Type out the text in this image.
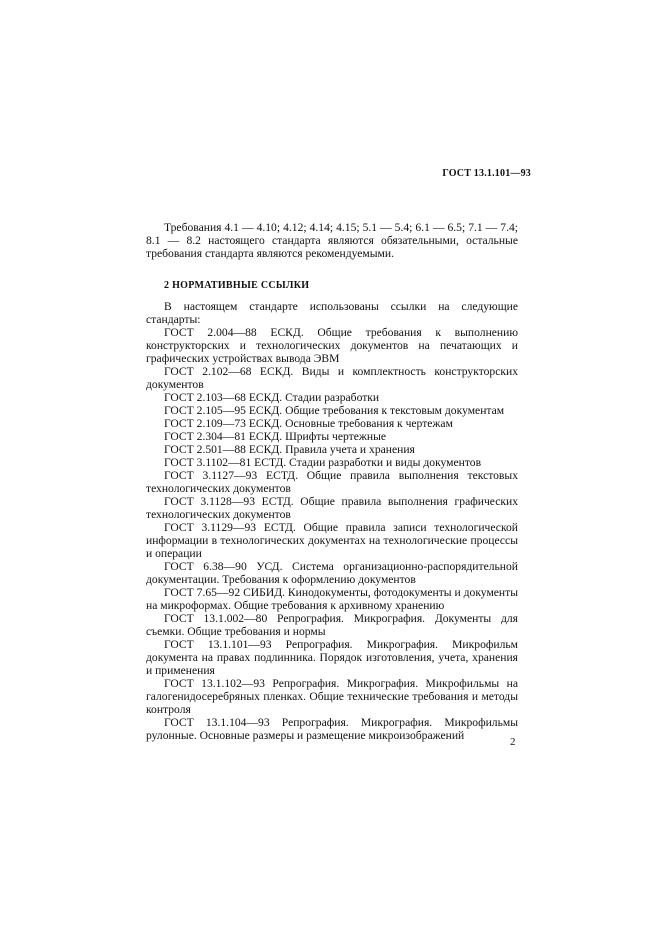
ГОСТ 13.1.101—93

Требования 4.1 — 4.10; 4.12; 4.14; 4.15; 5.1 — 5.4; 6.1 — 6.5; 7.1 — 7.4; 8.1 — 8.2 настоящего стандарта являются обязательными, остальные требования стандарта являются рекомендуемыми.

2 НОРМАТИВНЫЕ ССЫЛКИ

В настоящем стандарте использованы ссылки на следующие стандарты:

ГОСТ 2.004—88 ЕСКД. Общие требования к выполнению конструкторских и технологических документов на печатающих и графических устройствах вывода ЭВМ

ГОСТ 2.102—68 ЕСКД. Виды и комплектность конструкторских документов

ГОСТ 2.103—68 ЕСКД. Стадии разработки

ГОСТ 2.105—95 ЕСКД. Общие требования к текстовым документам

ГОСТ 2.109—73 ЕСКД. Основные требования к чертежам

ГОСТ 2.304—81 ЕСКД. Шрифты чертежные

ГОСТ 2.501—88 ЕСКД. Правила учета и хранения

ГОСТ 3.1102—81 ЕСТД. Стадии разработки и виды документов

ГОСТ 3.1127—93 ЕСТД. Общие правила выполнения текстовых технологических документов

ГОСТ 3.1128—93 ЕСТД. Общие правила выполнения графических технологических документов

ГОСТ 3.1129—93 ЕСТД. Общие правила записи технологической информации в технологических документах на технологические процессы и операции

ГОСТ 6.38—90 УСД. Система организационно-распорядительной документации. Требования к оформлению документов

ГОСТ 7.65—92 СИБИД. Кинодокументы, фотодокументы и документы на микроформах. Общие требования к архивному хранению

ГОСТ 13.1.002—80 Репрография. Микрография. Документы для съемки. Общие требования и нормы

ГОСТ 13.1.101—93 Репрография. Микрография. Микрофильм документа на правах подлинника. Порядок изготовления, учета, хранения и применения

ГОСТ 13.1.102—93 Репрография. Микрография. Микрофильмы на галогенидосеребряных пленках. Общие технические требования и методы контроля

ГОСТ 13.1.104—93 Репрография. Микрография. Микрофильмы рулонные. Основные размеры и размещение микроизображений	2
